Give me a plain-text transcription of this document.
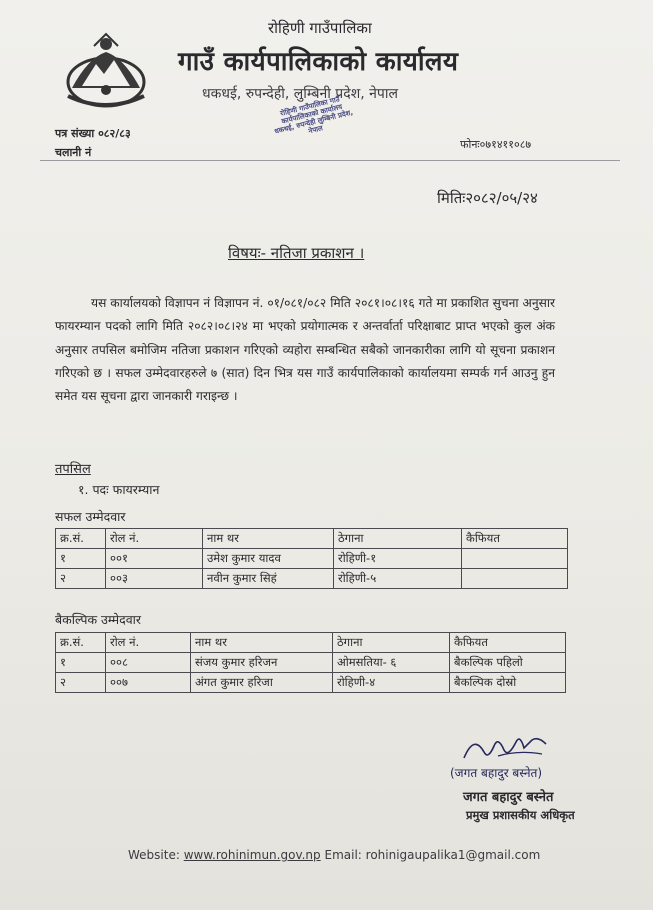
रोहिणी गाउँपालिका
गाउँ कार्यपालिकाको कार्यालय
धकधई, रुपन्देही, लुम्बिनी प्रदेश, नेपाल
रोहिणी गाउँपालिका गाउँ कार्यपालिकाको कार्यालय धकधई, रुपन्देही लुम्बिनी प्रदेश, नेपाल
पत्र संख्या ०८२/८३
चलानी नं
फोनः०७१४११०८७
मितिः२०८२/०५/२४
विषयः- नतिजा प्रकाशन ।
यस कार्यालयको विज्ञापन नं विज्ञापन नं. ०१/०८१/०८२ मिति २०८१।०८।१६ गते मा प्रकाशित सुचना अनुसार फायरम्यान पदको लागि मिति २०८२।०८।२४ मा भएको प्रयोगात्मक र अन्तर्वार्ता परिक्षाबाट प्राप्त भएको कुल अंक अनुसार तपसिल बमोजिम नतिजा प्रकाशन गरिएको व्यहोरा सम्बन्धित सबैको जानकारीका लागि यो सूचना प्रकाशन गरिएको छ । सफल उम्मेदवारहरुले ७ (सात) दिन भित्र यस गाउँ कार्यपालिकाको कार्यालयमा सम्पर्क गर्न आउनु हुन समेत यस सूचना द्वारा जानकारी गराइन्छ ।
तपसिल
१. पदः फायरम्यान
सफल उम्मेदवार
क्र.सं.	रोल नं.	नाम थर	ठेगाना	कैफियत
१	००१	उमेश कुमार यादव	रोहिणी-१	
२	००३	नवीन कुमार सिहं	रोहिणी-५	
बैकल्पिक उम्मेदवार
क्र.सं.	रोल नं.	नाम थर	ठेगाना	कैफियत
१	००८	संजय कुमार हरिजन	ओमसतिया- ६	बैकल्पिक पहिलो
२	००७	अंगत कुमार हरिजा	रोहिणी-४	बैकल्पिक दोस्रो
(जगत बहादुर बस्नेत)
जगत बहादुर बस्नेत
प्रमुख प्रशासकीय अधिकृत
Website: www.rohinimun.gov.np Email: rohinigaupalika1@gmail.com
